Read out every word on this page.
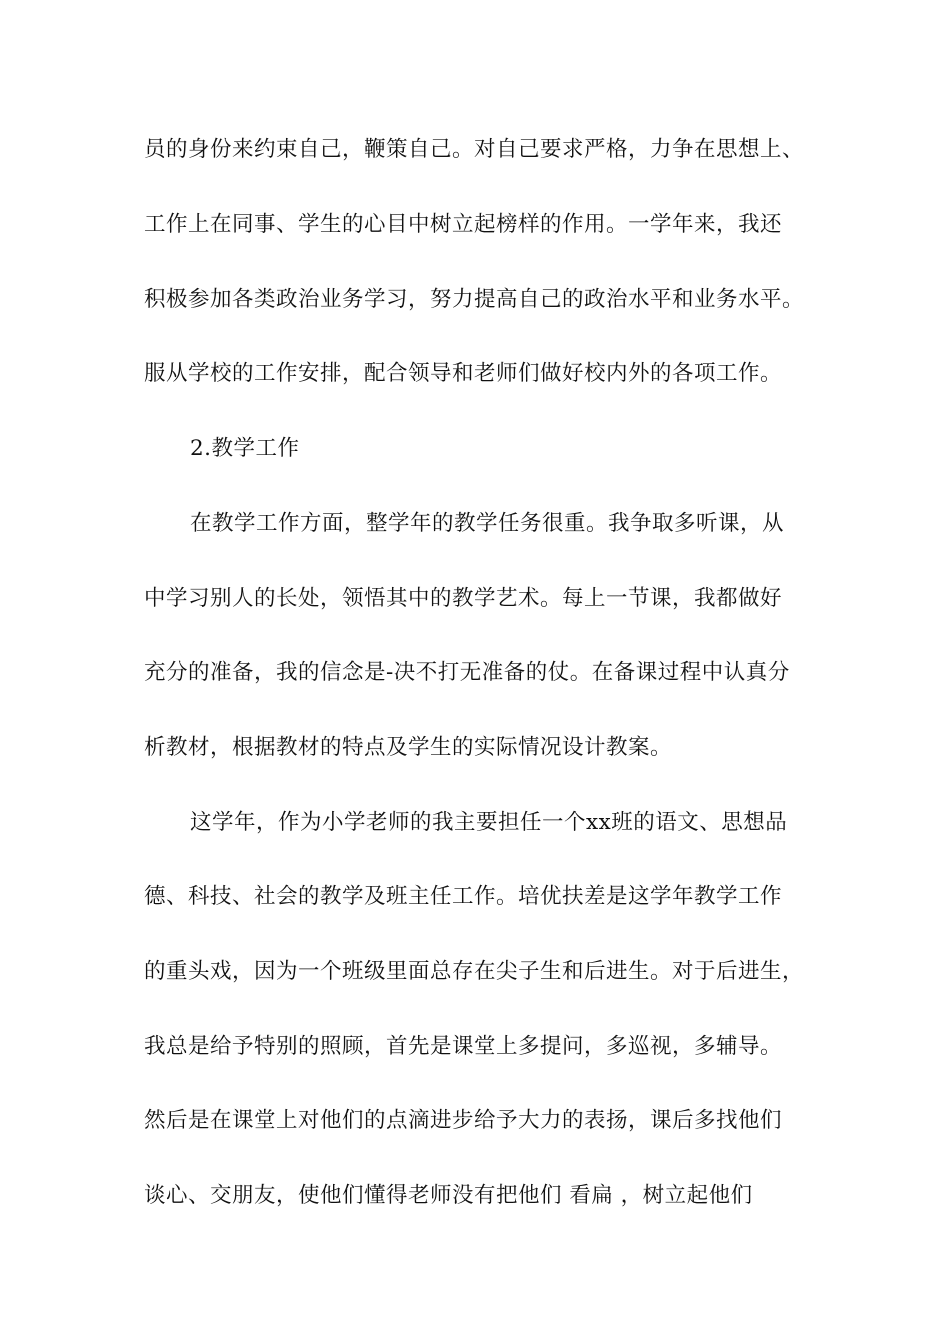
员的身份来约束自己，鞭策自己。对自己要求严格，力争在思想上、
工作上在同事、学生的心目中树立起榜样的作用。一学年来，我还
积极参加各类政治业务学习，努力提高自己的政治水平和业务水平。
服从学校的工作安排，配合领导和老师们做好校内外的各项工作。
2.教学工作
在教学工作方面，整学年的教学任务很重。我争取多听课，从
中学习别人的长处，领悟其中的教学艺术。每上一节课，我都做好
充分的准备，我的信念是-决不打无准备的仗。在备课过程中认真分
析教材，根据教材的特点及学生的实际情况设计教案。
这学年，作为小学老师的我主要担任一个xx班的语文、思想品
德、科技、社会的教学及班主任工作。培优扶差是这学年教学工作
的重头戏，因为一个班级里面总存在尖子生和后进生。对于后进生，
我总是给予特别的照顾，首先是课堂上多提问，多巡视，多辅导。
然后是在课堂上对他们的点滴进步给予大力的表扬，课后多找他们
谈心、交朋友，使他们懂得老师没有把他们 看扁 ，树立起他们
